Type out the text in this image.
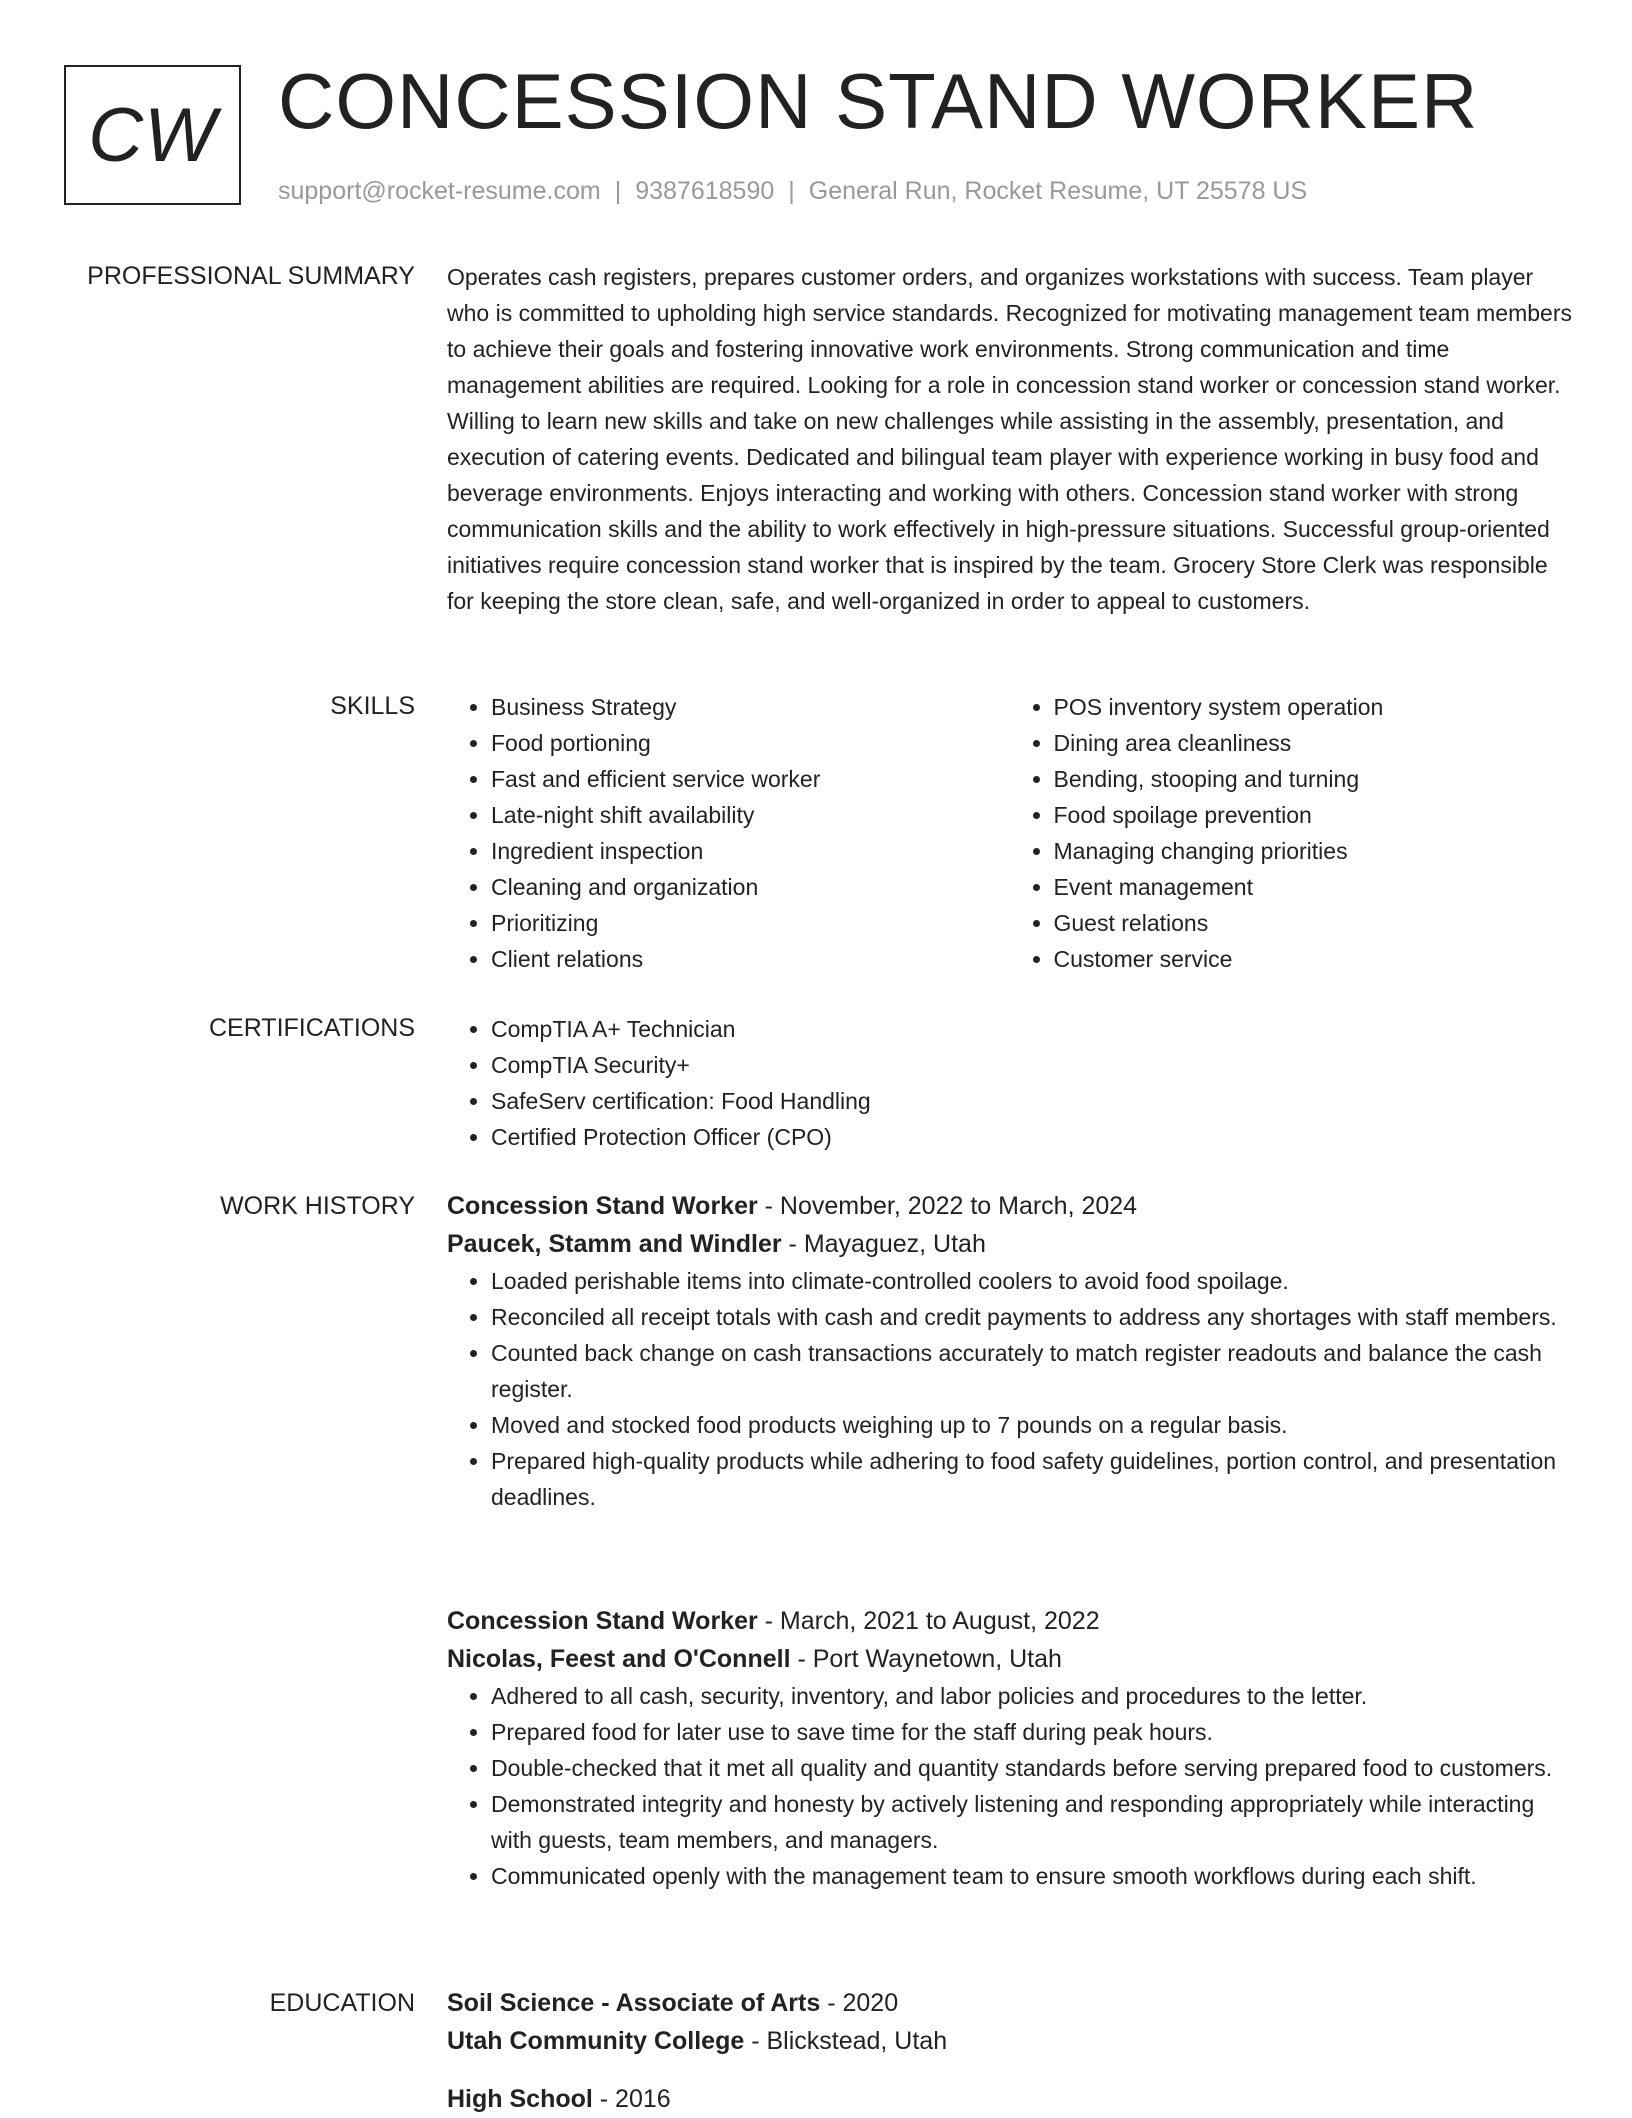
CW CONCESSION STAND WORKER
support@rocket-resume.com | 9387618590 | General Run, Rocket Resume, UT 25578 US
PROFESSIONAL SUMMARY Operates cash registers, prepares customer orders, and organizes workstations with success. Team player who is committed to upholding high service standards. Recognized for motivating management team members to achieve their goals and fostering innovative work environments. Strong communication and time management abilities are required. Looking for a role in concession stand worker or concession stand worker. Willing to learn new skills and take on new challenges while assisting in the assembly, presentation, and execution of catering events. Dedicated and bilingual team player with experience working in busy food and beverage environments. Enjoys interacting and working with others. Concession stand worker with strong communication skills and the ability to work effectively in high-pressure situations. Successful group-oriented initiatives require concession stand worker that is inspired by the team. Grocery Store Clerk was responsible for keeping the store clean, safe, and well-organized in order to appeal to customers.

SKILLS	• Business Strategy
• Food portioning
• Fast and efficient service worker
• Late-night shift availability
• Ingredient inspection
• Cleaning and organization
• Prioritizing
• Client relations
• POS inventory system operation
• Dining area cleanliness
• Bending, stooping and turning
• Food spoilage prevention
• Managing changing priorities
• Event management
• Guest relations
• Customer service
CERTIFICATIONS	• CompTIA A+ Technician
• CompTIA Security+
• SafeServ certification: Food Handling
• Certified Protection Officer (CPO)
WORK HISTORY Concession Stand Worker - November, 2022 to March, 2024
Paucek, Stamm and Windler - Mayaguez, Utah
• Loaded perishable items into climate-controlled coolers to avoid food spoilage.
• Reconciled all receipt totals with cash and credit payments to address any shortages with staff members.
• Counted back change on cash transactions accurately to match register readouts and balance the cash register.
• Moved and stocked food products weighing up to 7 pounds on a regular basis.
• Prepared high-quality products while adhering to food safety guidelines, portion control, and presentation deadlines.
Concession Stand Worker - March, 2021 to August, 2022
Nicolas, Feest and O'Connell - Port Waynetown, Utah
• Adhered to all cash, security, inventory, and labor policies and procedures to the letter.
• Prepared food for later use to save time for the staff during peak hours.
• Double-checked that it met all quality and quantity standards before serving prepared food to customers.
• Demonstrated integrity and honesty by actively listening and responding appropriately while interacting with guests, team members, and managers.
• Communicated openly with the management team to ensure smooth workflows during each shift.
EDUCATION Soil Science - Associate of Arts - 2020
Utah Community College - Blickstead, Utah
High School - 2016
